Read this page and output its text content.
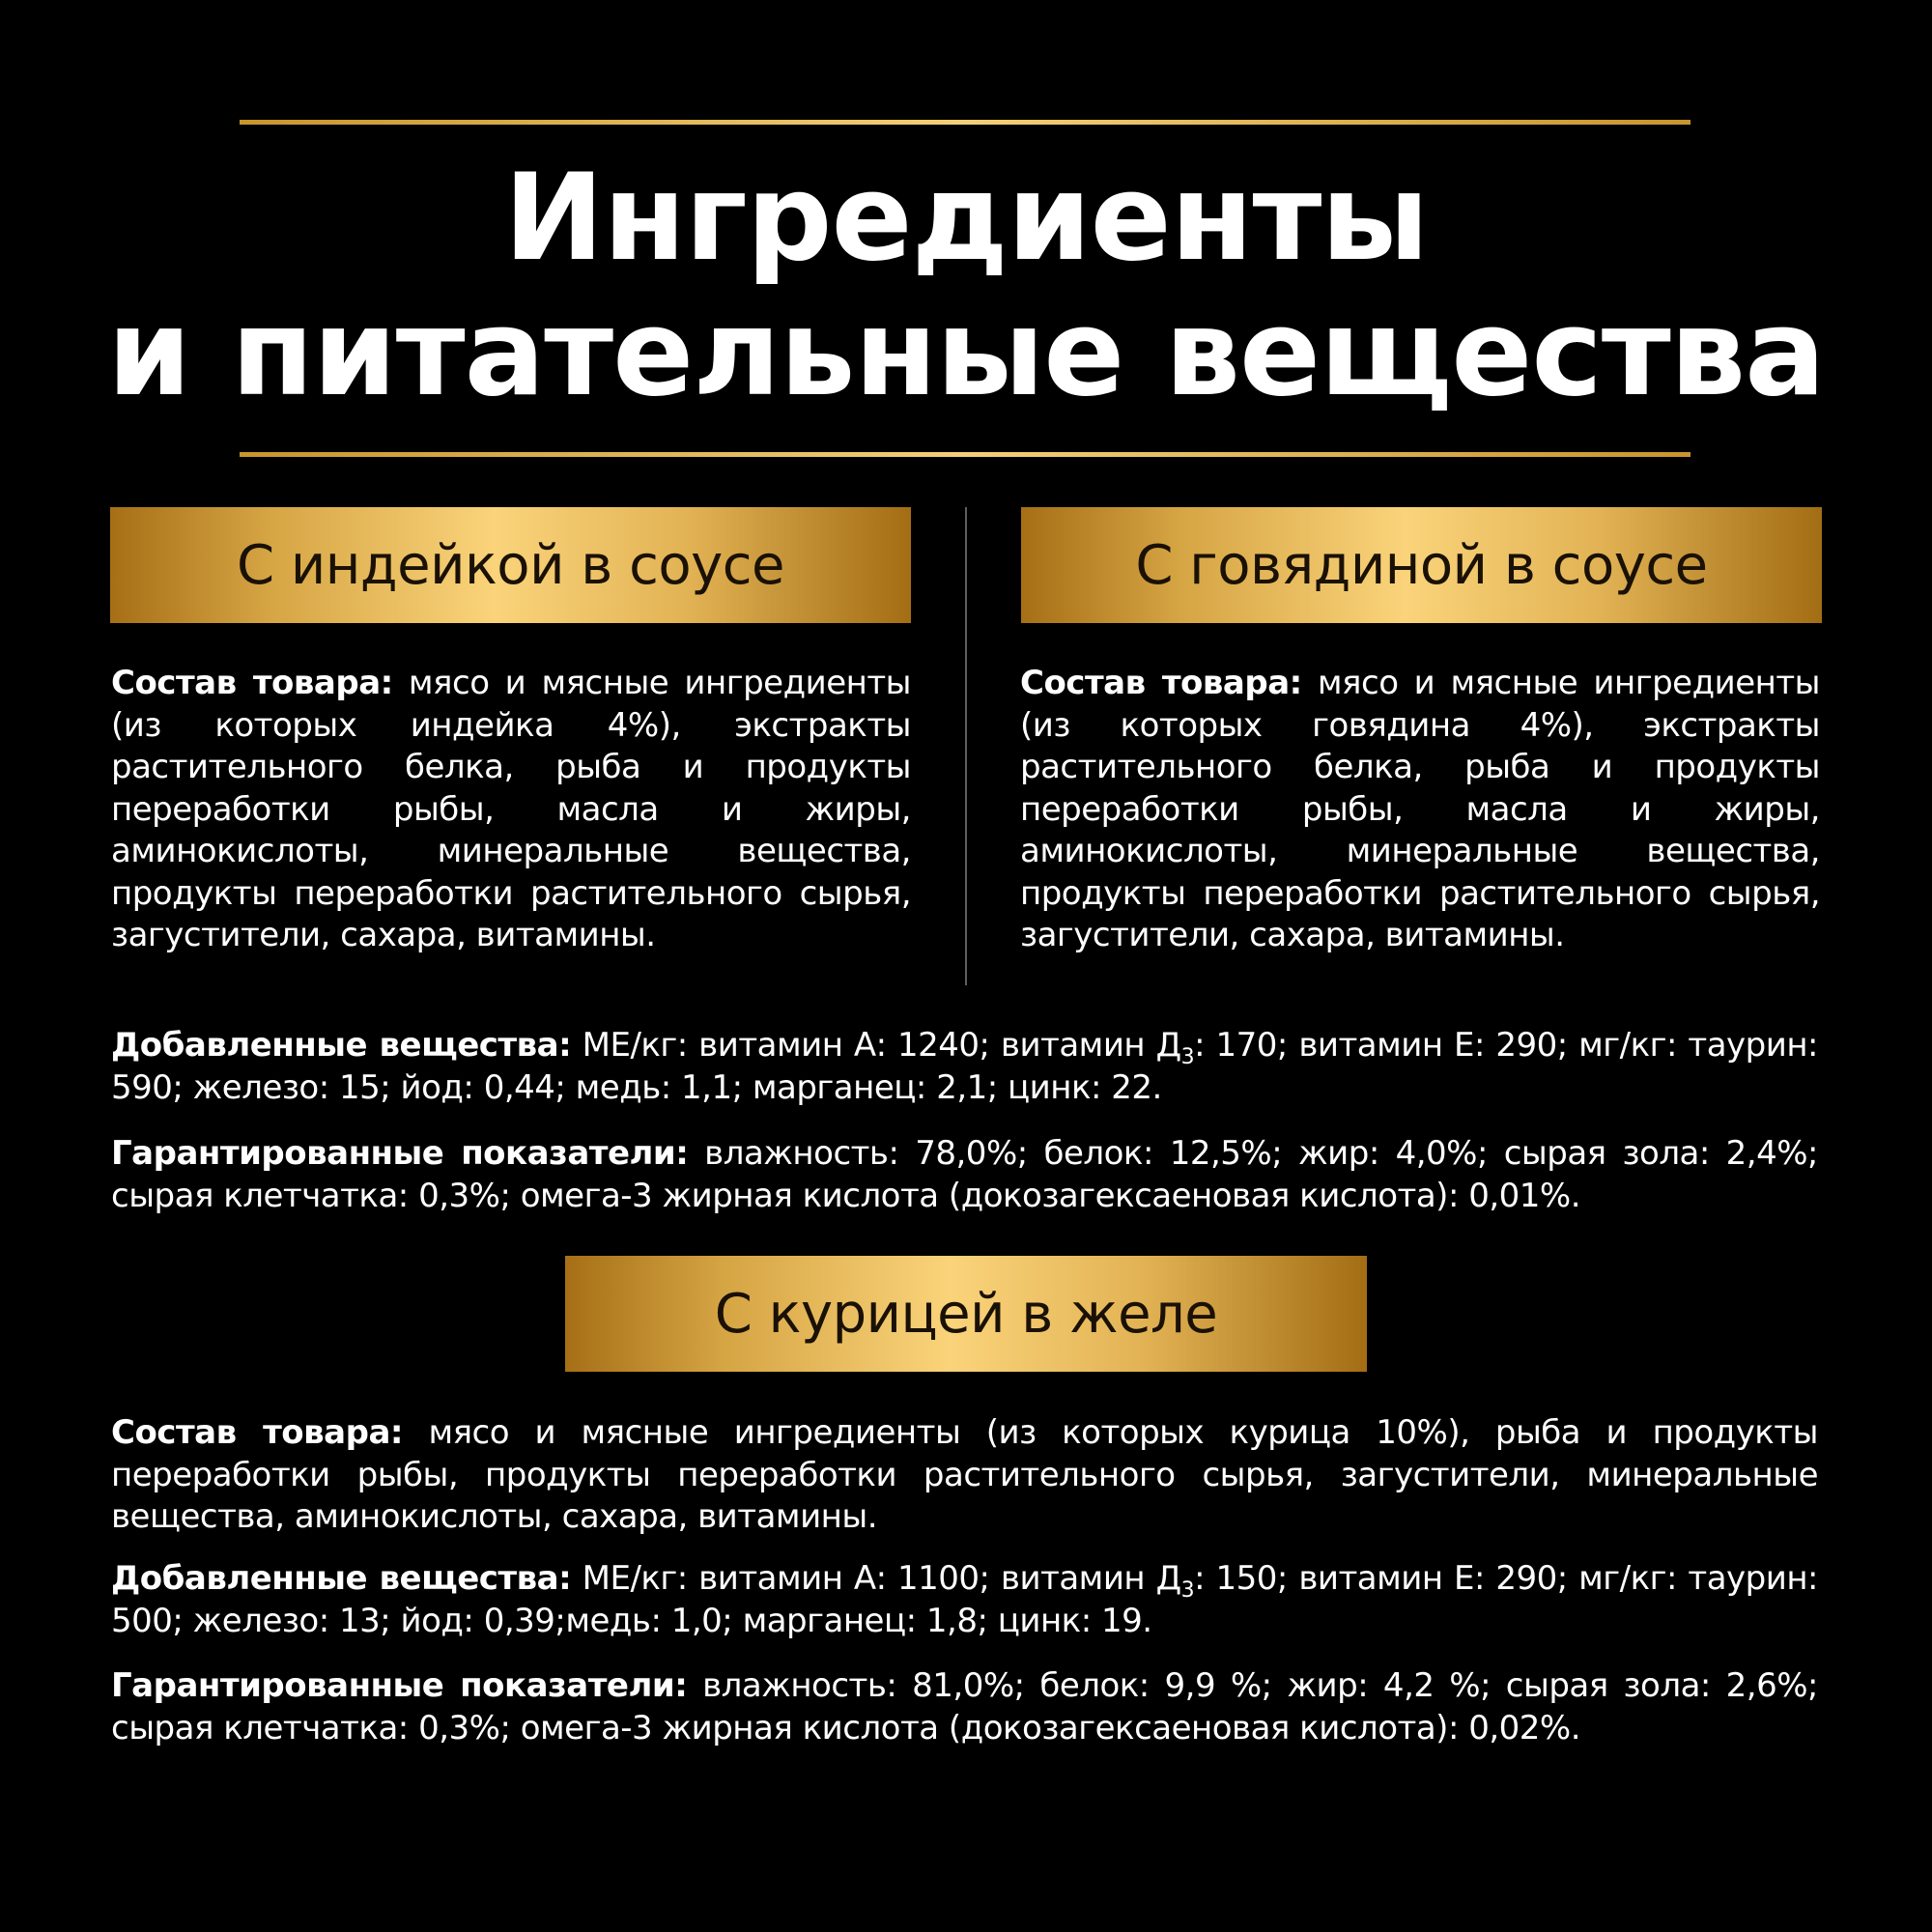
Ингредиенты
и питательные вещества
С индейкой в соусе	С говядиной в соусе

Состав товара: мясо и мясные ингредиенты (из которых индейка 4%), экстракты растительного белка, рыба и продукты переработки рыбы, масла и жиры, аминокислоты, минеральные вещества, продукты переработки растительного сырья, загустители, сахара, витамины.

Состав товара: мясо и мясные ингредиенты (из которых говядина 4%), экстракты растительного белка, рыба и продукты переработки рыбы, масла и жиры, аминокислоты, минеральные вещества, продукты переработки растительного сырья, загустители, сахара, витамины.

Добавленные вещества: МЕ/кг: витамин А: 1240; витамин $Д_3$: 170; витамин Е: 290; мг/кг: таурин: 590; железо: 15; йод: 0,44; медь: 1,1; марганец: 2,1; цинк: 22.

Гарантированные показатели: влажность: 78,0%; белок: 12,5%; жир: 4,0%; сырая зола: 2,4%; сырая клетчатка: 0,3%; омега-3 жирная кислота (докозагексаеновая кислота): 0,01%.

С курицей в желе

Состав товара: мясо и мясные ингредиенты (из которых курица 10%), рыба и продукты переработки рыбы, продукты переработки растительного сырья, загустители, минеральные вещества, аминокислоты, сахара, витамины.

Добавленные вещества: МЕ/кг: витамин А: 1100; витамин $Д_3$: 150; витамин Е: 290; мг/кг: таурин: 500; железо: 13; йод: 0,39;медь: 1,0; марганец: 1,8; цинк: 19.

Гарантированные показатели: влажность: 81,0%; белок: 9,9 %; жир: 4,2 %; сырая зола: 2,6%; сырая клетчатка: 0,3%; омега-3 жирная кислота (докозагексаеновая кислота): 0,02%.
